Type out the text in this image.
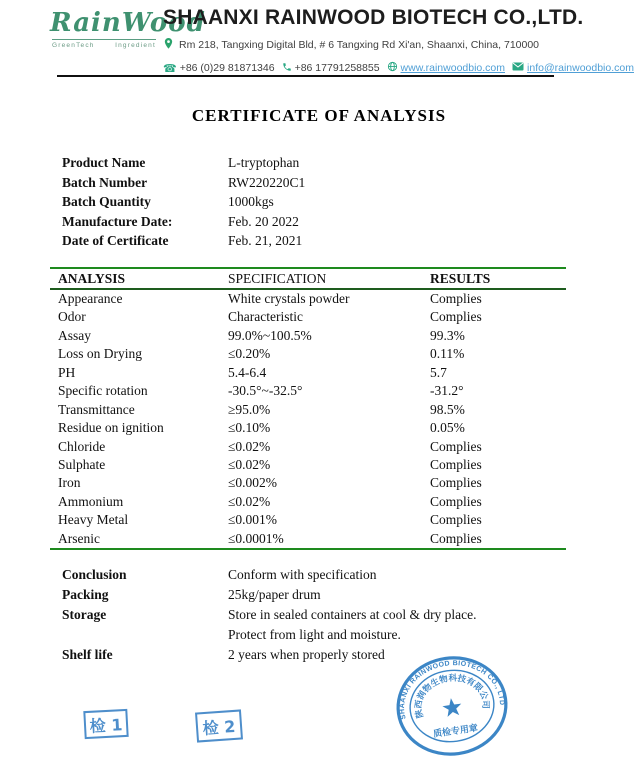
RainWood
GreenTech	Ingredient
SHAANXI RAINWOOD BIOTECH CO.,LTD.
Rm 218, Tangxing Digital Bld, # 6 Tangxing Rd Xi'an, Shaanxi, China, 710000
☎ +86 (0)29 81871346 +86 17791258855 www.rainwoodbio.com info@rainwoodbio.com
CERTIFICATE OF ANALYSIS
Product Name	L-tryptophan
Batch Number	RW220220C1
Batch Quantity	1000kgs
Manufacture Date:	Feb. 20 2022
Date of Certificate	Feb. 21, 2021
ANALYSIS	SPECIFICATION	RESULTS
Appearance	White crystals powder	Complies
Odor	Characteristic	Complies
Assay	99.0%~100.5%	99.3%
Loss on Drying	≤0.20%	0.11%
PH	5.4-6.4	5.7
Specific rotation	-30.5°~-32.5°	-31.2°
Transmittance	≥95.0%	98.5%
Residue on ignition	≤0.10%	0.05%
Chloride	≤0.02%	Complies
Sulphate	≤0.02%	Complies
Iron	≤0.002%	Complies
Ammonium	≤0.02%	Complies
Heavy Metal	≤0.001%	Complies
Arsenic	≤0.0001%	Complies
Conclusion	Conform with specification
Packing	25kg/paper drum
Storage	Store in sealed containers at cool & dry place.
Protect from light and moisture.
Shelf life	2 years when properly stored
检 1	检 2	SHAANXI RAINWOOD BIOTECH CO., LTD
陕西润物生物科技有限公司
质检专用章
